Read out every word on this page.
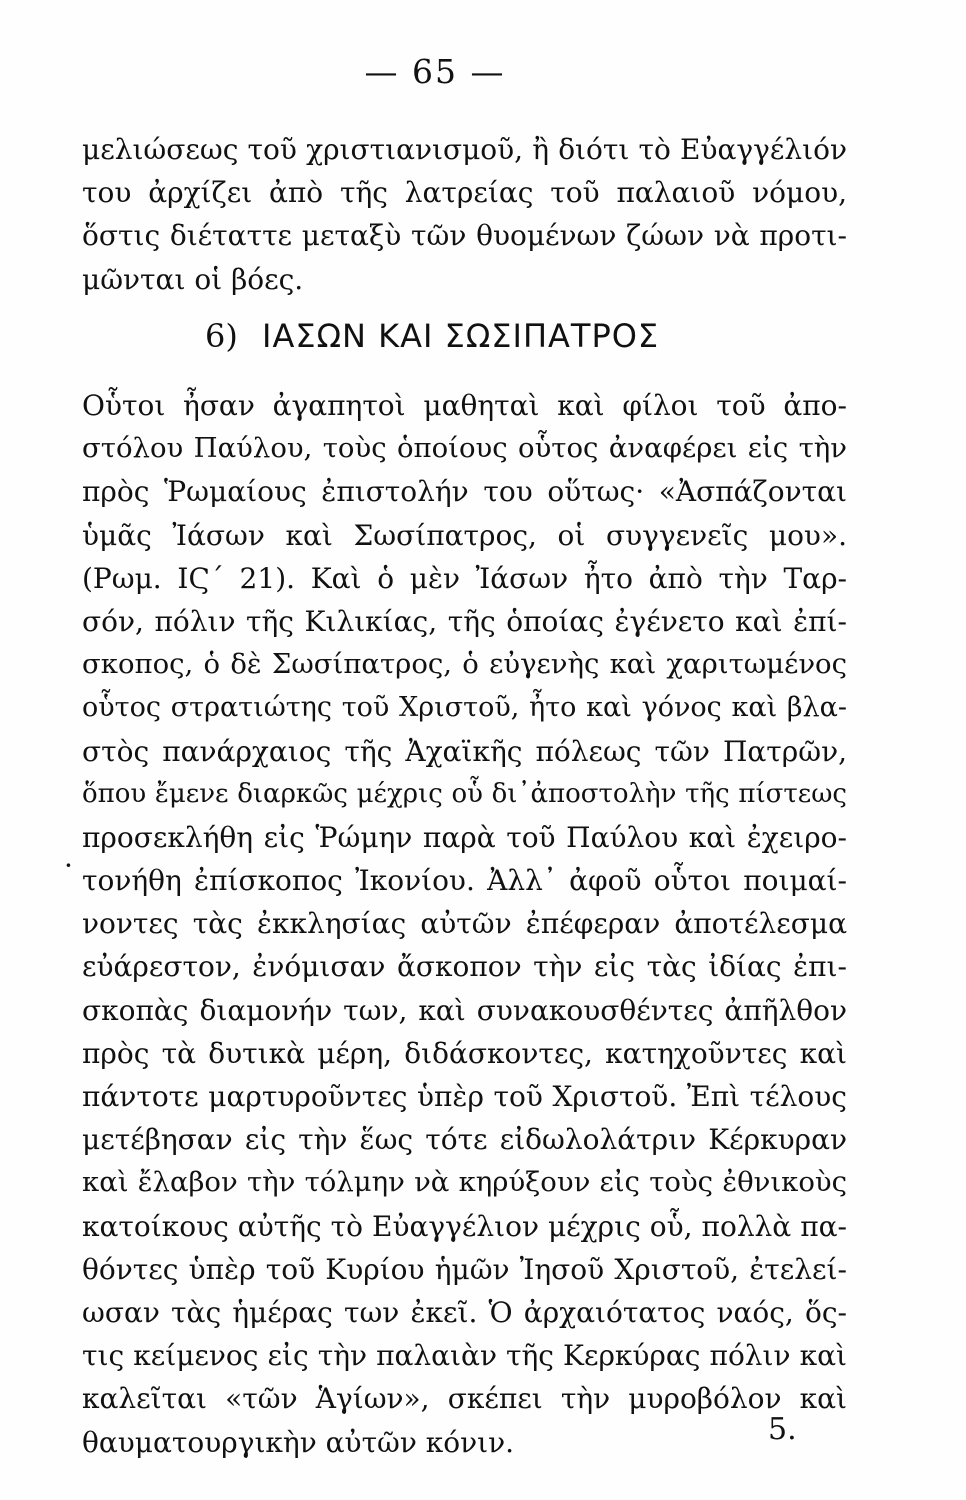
— 65 —
μελιώσεως τοῦ χριστιανισμοῦ, ἢ διότι τὸ Εὐαγγέλιόν
του ἀρχίζει ἀπὸ τῆς λατρείας τοῦ παλαιοῦ νόμου,
ὅστις διέταττε μεταξὺ τῶν θυομένων ζώων νὰ προτι-
μῶνται οἱ βόες.
6) ΙΑΣΩΝ ΚΑΙ ΣΩΣΙΠΑΤΡΟΣ
Οὗτοι ἦσαν ἀγαπητοὶ μαθηταὶ καὶ φίλοι τοῦ ἀπο-
στόλου Παύλου, τοὺς ὁποίους οὗτος ἀναφέρει εἰς τὴν
πρὸς Ῥωμαίους ἐπιστολήν του οὕτως· «Ἀσπάζονται
ὑμᾶς Ἰάσων καὶ Σωσίπατρος, οἱ συγγενεῖς μου».
(Ρωμ. ΙϚ΄ 21). Καὶ ὁ μὲν Ἰάσων ἦτο ἀπὸ τὴν Ταρ-
σόν, πόλιν τῆς Κιλικίας, τῆς ὁποίας ἐγένετο καὶ ἐπί-
σκοπος, ὁ δὲ Σωσίπατρος, ὁ εὐγενὴς καὶ χαριτωμένος
οὗτος στρατιώτης τοῦ Χριστοῦ, ἦτο καὶ γόνος καὶ βλα-
στὸς πανάρχαιος τῆς Ἀχαϊκῆς πόλεως τῶν Πατρῶν,
ὅπου ἔμενε διαρκῶς μέχρις οὗ δι᾽ἀποστολὴν τῆς πίστεως
προσεκλήθη εἰς Ῥώμην παρὰ τοῦ Παύλου καὶ ἐχειρο-
τονήθη ἐπίσκοπος Ἰκονίου. Ἀλλ᾽ ἀφοῦ οὗτοι ποιμαί-
νοντες τὰς ἐκκλησίας αὐτῶν ἐπέφεραν ἀποτέλεσμα
εὐάρεστον, ἐνόμισαν ἄσκοπον τὴν εἰς τὰς ἰδίας ἐπι-
σκοπὰς διαμονήν των, καὶ συνακουσθέντες ἀπῆλθον
πρὸς τὰ δυτικὰ μέρη, διδάσκοντες, κατηχοῦντες καὶ
πάντοτε μαρτυροῦντες ὑπὲρ τοῦ Χριστοῦ. Ἐπὶ τέλους
μετέβησαν εἰς τὴν ἕως τότε εἰδωλολάτριν Κέρκυραν
καὶ ἔλαβον τὴν τόλμην νὰ κηρύξουν εἰς τοὺς ἐθνικοὺς
κατοίκους αὐτῆς τὸ Εὐαγγέλιον μέχρις οὗ, πολλὰ πα-
θόντες ὑπὲρ τοῦ Κυρίου ἡμῶν Ἰησοῦ Χριστοῦ, ἐτελεί-
ωσαν τὰς ἡμέρας των ἐκεῖ. Ὁ ἀρχαιότατος ναός, ὅς-
τις κείμενος εἰς τὴν παλαιὰν τῆς Κερκύρας πόλιν καὶ
καλεῖται «τῶν Ἁγίων», σκέπει τὴν μυροβόλον καὶ
θαυματουργικὴν αὐτῶν κόνιν.
·
5.
